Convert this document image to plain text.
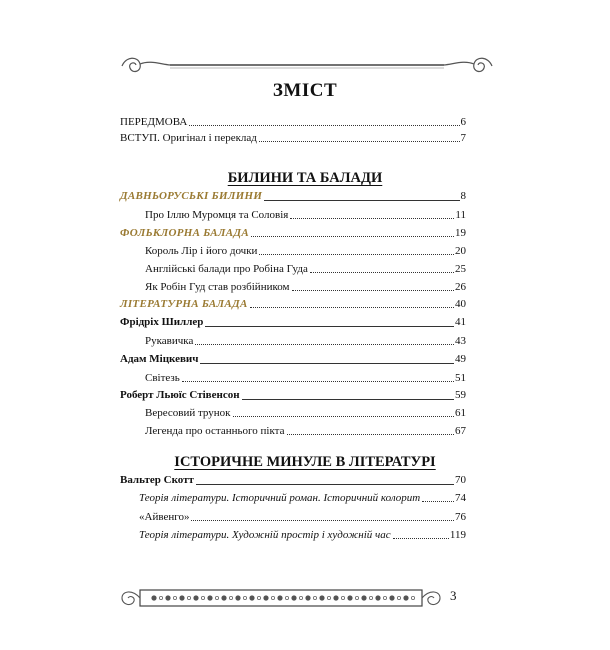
ЗМІСТ
ПЕРЕДМОВА	6
ВСТУП. Оригінал і переклад	7
БИЛИНИ ТА БАЛАДИ
ДАВНЬОРУСЬКІ БИЛИНИ	8
Про Іллю Муромця та Соловія	11
ФОЛЬКЛОРНА БАЛАДА	19
Король Лір і його дочки	20
Англійські балади про Робіна Гуда	25
Як Робін Гуд став розбійником	26
ЛІТЕРАТУРНА БАЛАДА	40
Фрідріх Шиллер	41
Рукавичка	43
Адам Міцкевич	49
Світезь	51
Роберт Льюїс Стівенсон	59
Вересовий трунок	61
Легенда про останнього пікта	67
ІСТОРИЧНЕ МИНУЛЕ В ЛІТЕРАТУРІ
Вальтер Скотт	70
Теорія літератури. Історичний роман. Історичний колорит	74
«Айвенго»	76
Теорія літератури. Художній простір і художній час	119
3
